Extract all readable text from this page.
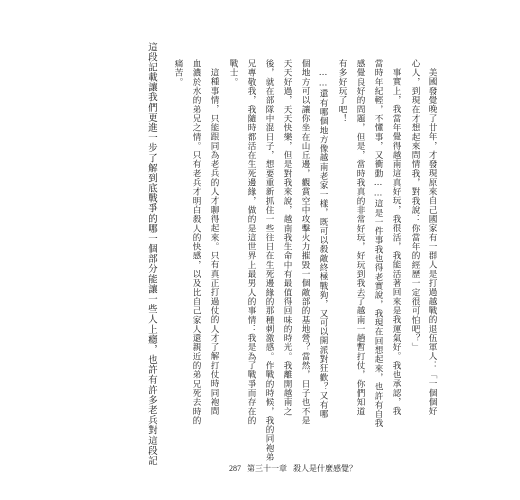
美國發覺晚了廿年，才發現原來自己國家有一群人是打過越戰的退伍軍人：「一個個好
心人，到現在才想起來問情我，對我說：你當年的經歷一定很可怕吧？」
事實上，我當年覺得越南這真好玩，我很活，我能活著回來是我運氣好。我也承認，我
當時年紀輕，不懂事，又衝動……這是一件事我也得老實說，我現在回想起來，也許有自我
感覺良好的問題，但是，當時我真的非常好玩，好玩到我去了越南一趟暫打仗，你們知道
有多好玩了吧！
……還有哪個地方像越南老家一樣，既可以殺敵終極戰狗，又可以開派對狂歡？又有哪
個地方可以讓你坐在山丘邊，觀賞空中攻擊火力摧毀一個敵部的基地營？當然，日子也不是
天天好過，天天快樂，但是對我來說，越南我生命中有最值得回味的時光。我離開越南之
後，就在部隊中混日子，想要重新抓住一些往日在生死邊緣的那種刺激感。作戰的時候，我的同袍弟
兄專敬我，我隨時都活在生死邊緣，做的是這世界上最男人的事情：我是為了戰爭而存在的
戰士。
這種事情，只能跟同為老兵的人才聊得起來。只有真正打過仗的人才了解打仗時同袍間
血濃於水的弟兄之情。只有老兵才明白殺人的快感，以及比自己家人還親近的弟兄死去時的
痛苦。
這段記載讓我們更進一步了解到底戰爭的哪一個部分能讓一些人上癮，也許有許多老兵對這段記
287 第三十一章 殺人是什麼感覺？
